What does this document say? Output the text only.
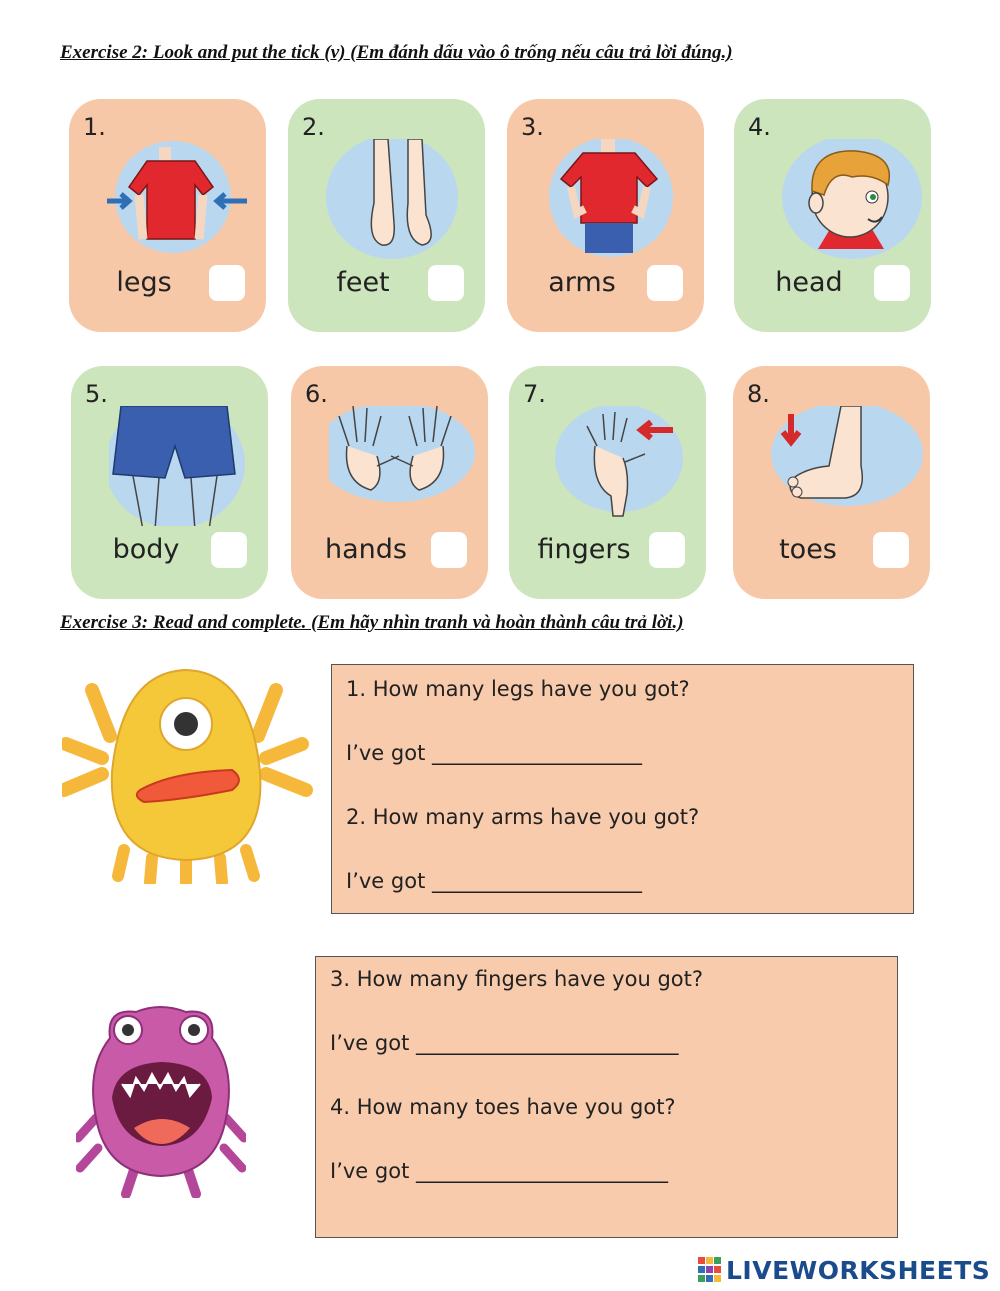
Exercise 2: Look and put the tick (v) (Em đánh dấu vào ô trống nếu câu trả lời đúng.)
1.
legs
2.
feet
3.
arms
4.
head
5.
body
6.
hands
7.
fingers
8.
toes
Exercise 3: Read and complete. (Em hãy nhìn tranh và hoàn thành câu trả lời.)
1. How many legs have you got?
I’ve got ____________________
2. How many arms have you got?
I’ve got ____________________
3. How many fingers have you got?
I’ve got _________________________
4. How many toes have you got?
I’ve got ________________________
LIVEWORKSHEETS
